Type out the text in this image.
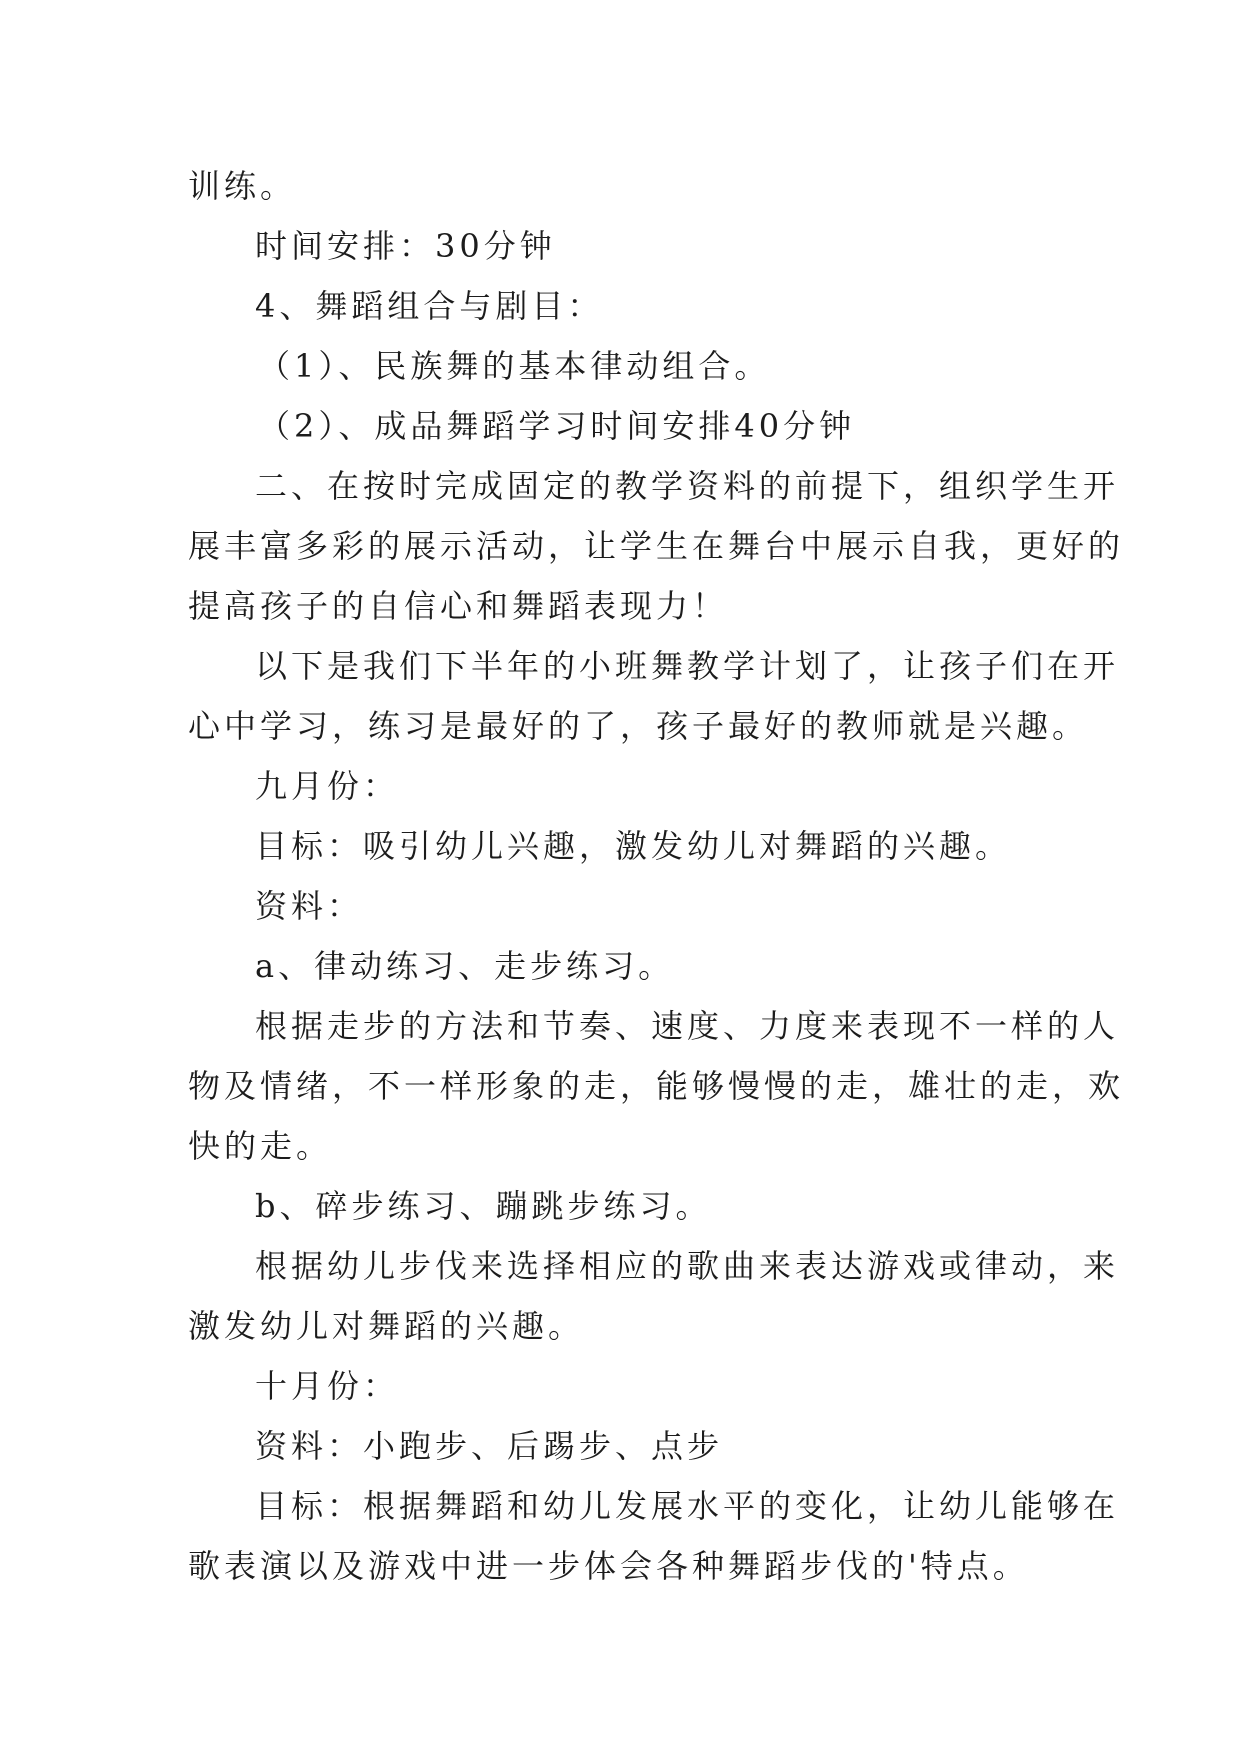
训练。
时间安排：30分钟
4、舞蹈组合与剧目：
（1）、民族舞的基本律动组合。
（2）、成品舞蹈学习时间安排40分钟
二、在按时完成固定的教学资料的前提下，组织学生开
展丰富多彩的展示活动，让学生在舞台中展示自我，更好的
提高孩子的自信心和舞蹈表现力！
以下是我们下半年的小班舞教学计划了，让孩子们在开
心中学习，练习是最好的了，孩子最好的教师就是兴趣。
九月份：
目标：吸引幼儿兴趣，激发幼儿对舞蹈的兴趣。
资料：
a、律动练习、走步练习。
根据走步的方法和节奏、速度、力度来表现不一样的人
物及情绪，不一样形象的走，能够慢慢的走，雄壮的走，欢
快的走。
b、碎步练习、蹦跳步练习。
根据幼儿步伐来选择相应的歌曲来表达游戏或律动，来
激发幼儿对舞蹈的兴趣。
十月份：
资料：小跑步、后踢步、点步
目标：根据舞蹈和幼儿发展水平的变化，让幼儿能够在
歌表演以及游戏中进一步体会各种舞蹈步伐的'特点。
